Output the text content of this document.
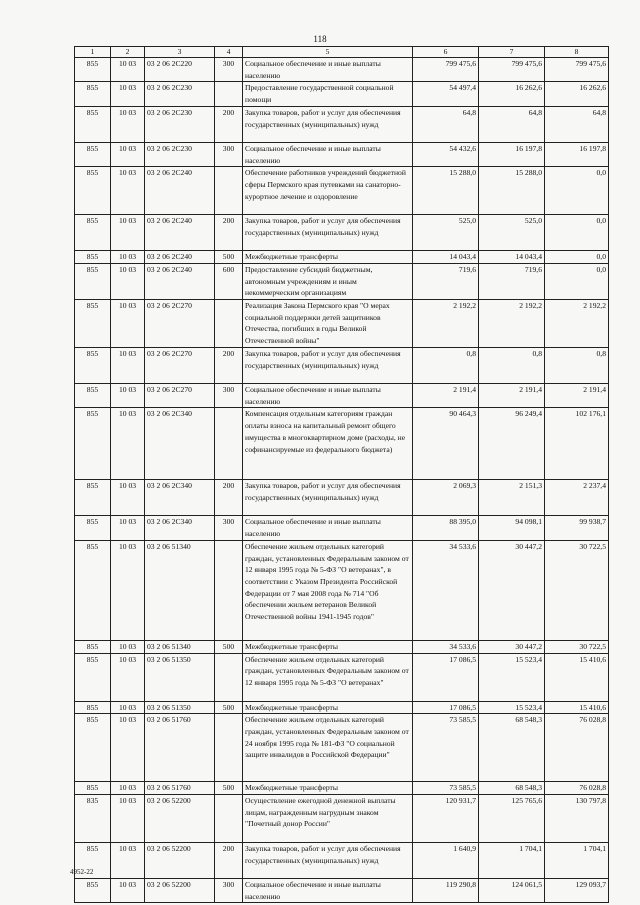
118
1	2	3	4	5	6	7	8
855	10 03	03 2 06 2С220	300	Социальное обеспечение и иные выплаты населению	799 475,6	799 475,6	799 475,6
855	10 03	03 2 06 2С230		Предоставление государственной социальной помощи	54 497,4	16 262,6	16 262,6
855	10 03	03 2 06 2С230	200	Закупка товаров, работ и услуг для обеспечения государственных (муниципальных) нужд	64,8	64,8	64,8
855	10 03	03 2 06 2С230	300	Социальное обеспечение и иные выплаты населению	54 432,6	16 197,8	16 197,8
855	10 03	03 2 06 2С240		Обеспечение работников учреждений бюджетной сферы Пермского края путевками на санаторно-курортное лечение и оздоровление	15 288,0	15 288,0	0,0
855	10 03	03 2 06 2С240	200	Закупка товаров, работ и услуг для обеспечения государственных (муниципальных) нужд	525,0	525,0	0,0
855	10 03	03 2 06 2С240	500	Межбюджетные трансферты	14 043,4	14 043,4	0,0
855	10 03	03 2 06 2С240	600	Предоставление субсидий бюджетным, автономным учреждениям и иным некоммерческим организациям	719,6	719,6	0,0
855	10 03	03 2 06 2С270		Реализация Закона Пермского края "О мерах социальной поддержки детей защитников Отечества, погибших в годы Великой Отечественной войны"	2 192,2	2 192,2	2 192,2
855	10 03	03 2 06 2С270	200	Закупка товаров, работ и услуг для обеспечения государственных (муниципальных) нужд	0,8	0,8	0,8
855	10 03	03 2 06 2С270	300	Социальное обеспечение и иные выплаты населению	2 191,4	2 191,4	2 191,4
855	10 03	03 2 06 2С340		Компенсация отдельным категориям граждан оплаты взноса на капитальный ремонт общего имущества в многоквартирном доме (расходы, не софинансируемые из федерального бюджета)	90 464,3	96 249,4	102 176,1
855	10 03	03 2 06 2С340	200	Закупка товаров, работ и услуг для обеспечения государственных (муниципальных) нужд	2 069,3	2 151,3	2 237,4
855	10 03	03 2 06 2С340	300	Социальное обеспечение и иные выплаты населению	88 395,0	94 098,1	99 938,7
855	10 03	03 2 06 51340		Обеспечение жильем отдельных категорий граждан, установленных Федеральным законом от 12 января 1995 года № 5-ФЗ "О ветеранах", в соответствии с Указом Президента Российской Федерации от 7 мая 2008 года № 714 "Об обеспечении жильем ветеранов Великой Отечественной войны 1941-1945 годов"	34 533,6	30 447,2	30 722,5
855	10 03	03 2 06 51340	500	Межбюджетные трансферты	34 533,6	30 447,2	30 722,5
855	10 03	03 2 06 51350		Обеспечение жильем отдельных категорий граждан, установленных Федеральным законом от 12 января 1995 года № 5-ФЗ "О ветеранах"	17 086,5	15 523,4	15 410,6
855	10 03	03 2 06 51350	500	Межбюджетные трансферты	17 086,5	15 523,4	15 410,6
855	10 03	03 2 06 51760		Обеспечение жильем отдельных категорий граждан, установленных Федеральным законом от 24 ноября 1995 года № 181-ФЗ "О социальной защите инвалидов в Российской Федерации"	73 585,5	68 548,3	76 028,8
855	10 03	03 2 06 51760	500	Межбюджетные трансферты	73 585,5	68 548,3	76 028,8
835	10 03	03 2 06 52200		Осуществление ежегодной денежной выплаты лицам, награжденным нагрудным знаком "Почетный донор России"	120 931,7	125 765,6	130 797,8
855	10 03	03 2 06 52200	200	Закупка товаров, работ и услуг для обеспечения государственных (муниципальных) нужд	1 640,9	1 704,1	1 704,1
855	10 03	03 2 06 52200	300	Социальное обеспечение и иные выплаты населению	119 290,8	124 061,5	129 093,7
4952-22
